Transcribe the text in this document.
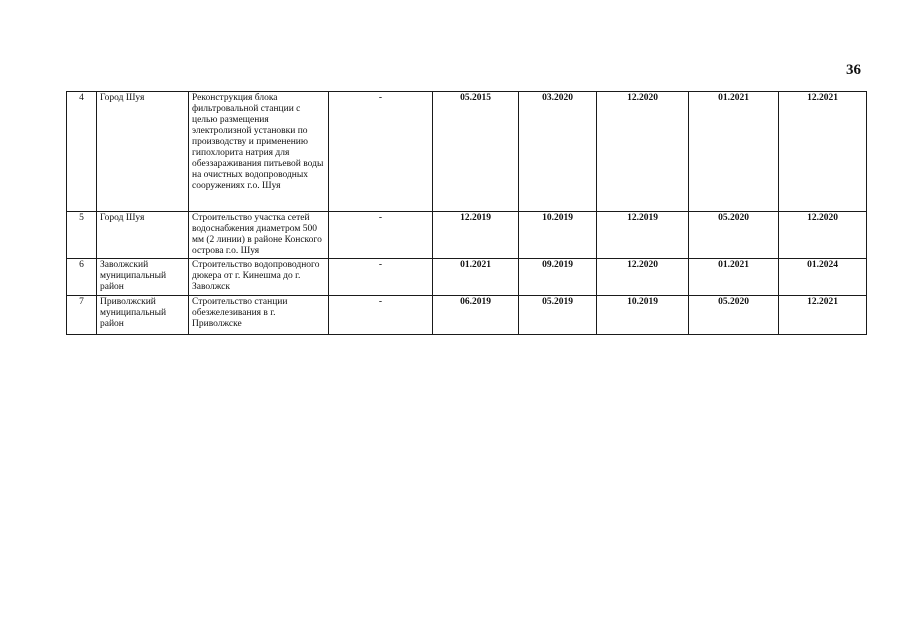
36
4	Город Шуя	Реконструкция блока фильтровальной станции с целью размещения электролизной установки по производству и применению гипохлорита натрия для обеззараживания питьевой воды на очистных водопроводных сооружениях г.о. Шуя	-	05.2015	03.2020	12.2020	01.2021	12.2021
5	Город Шуя	Строительство участка сетей водоснабжения диаметром 500 мм (2 линии) в районе Конского острова г.о. Шуя	-	12.2019	10.2019	12.2019	05.2020	12.2020
6	Заволжский муниципальный район	Строительство водопроводного дюкера от г. Кинешма до г. Заволжск	-	01.2021	09.2019	12.2020	01.2021	01.2024
7	Приволжский муниципальный район	Строительство станции обезжелезивания в г. Приволжске	-	06.2019	05.2019	10.2019	05.2020	12.2021
